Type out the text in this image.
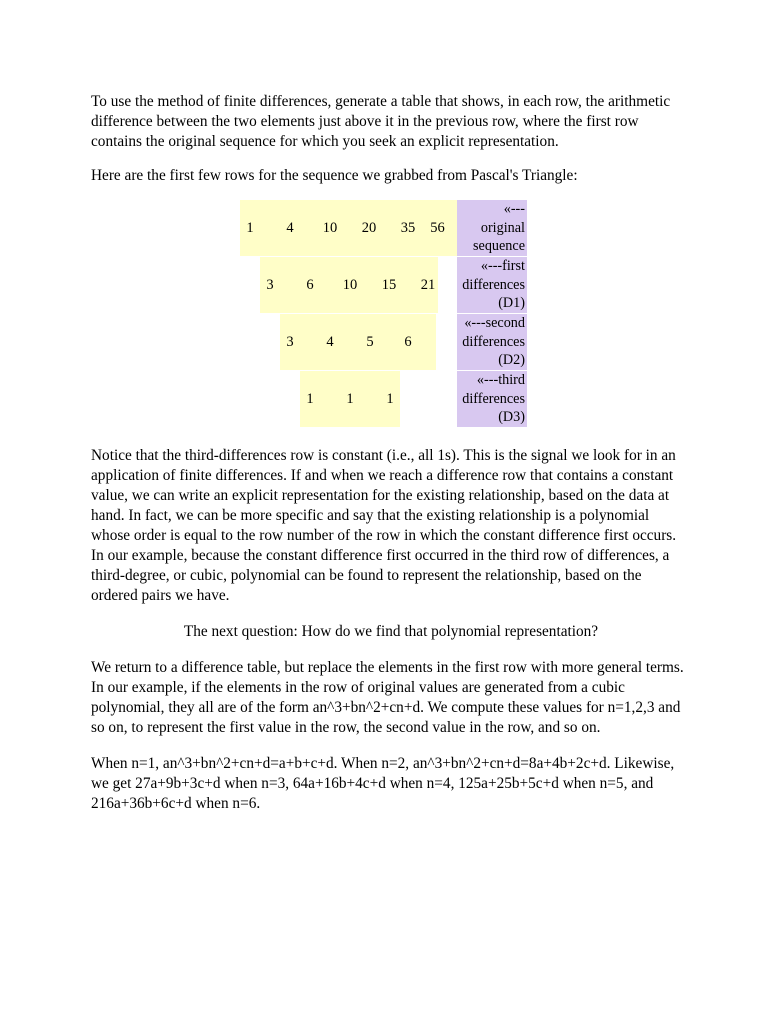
To use the method of finite differences, generate a table that shows, in each row, the arithmetic difference between the two elements just above it in the previous row, where the first row contains the original sequence for which you seek an explicit representation.

Here are the first few rows for the sequence we grabbed from Pascal's Triangle:

1	4	10	20	35	56
«---
original
sequence
3	6	10	15	21
«---first
differences
(D1)
3	4	5	6
«---second
differences
(D2)
1	1	1
«---third
differences
(D3)

Notice that the third-differences row is constant (i.e., all 1s). This is the signal we look for in an application of finite differences. If and when we reach a difference row that contains a constant value, we can write an explicit representation for the existing relationship, based on the data at hand. In fact, we can be more specific and say that the existing relationship is a polynomial whose order is equal to the row number of the row in which the constant difference first occurs. In our example, because the constant difference first occurred in the third row of differences, a third-degree, or cubic, polynomial can be found to represent the relationship, based on the ordered pairs we have.

The next question: How do we find that polynomial representation?

We return to a difference table, but replace the elements in the first row with more general terms. In our example, if the elements in the row of original values are generated from a cubic polynomial, they all are of the form an^3+bn^2+cn+d. We compute these values for n=1,2,3 and so on, to represent the first value in the row, the second value in the row, and so on.

When n=1, an^3+bn^2+cn+d=a+b+c+d. When n=2, an^3+bn^2+cn+d=8a+4b+2c+d. Likewise, we get 27a+9b+3c+d when n=3, 64a+16b+4c+d when n=4, 125a+25b+5c+d when n=5, and 216a+36b+6c+d when n=6.
